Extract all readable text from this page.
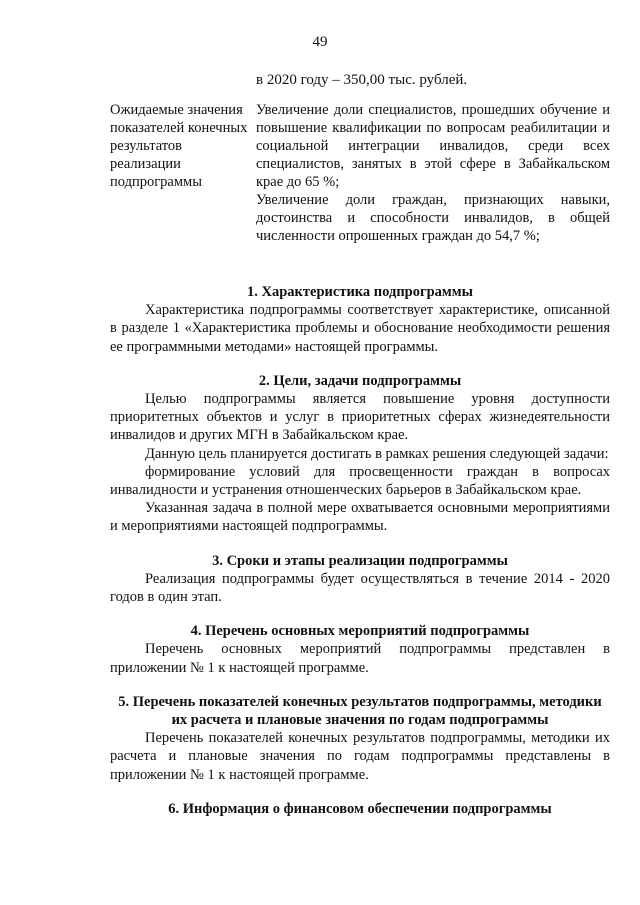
49
в 2020 году – 350,00 тыс. рублей.
Ожидаемые значения показателей конечных результатов реализации подпрограммы

Увеличение доли специалистов, прошедших обучение и повышение квалификации по вопросам реабилитации и социальной интеграции инвалидов, среди всех специалистов, занятых в этой сфере в Забайкальском крае до 65 %;

Увеличение доли граждан, признающих навыки, достоинства и способности инвалидов, в общей численности опрошенных граждан до 54,7 %;

1. Характеристика подпрограммы

Характеристика подпрограммы соответствует характеристике, описанной в разделе 1 «Характеристика проблемы и обоснование необходимости решения ее программными методами» настоящей программы.

2. Цели, задачи подпрограммы

Целью подпрограммы является повышение уровня доступности приоритетных объектов и услуг в приоритетных сферах жизнедеятельности инвалидов и других МГН в Забайкальском крае.

Данную цель планируется достигать в рамках решения следующей задачи:

формирование условий для просвещенности граждан в вопросах инвалидности и устранения отношенческих барьеров в Забайкальском крае.

Указанная задача в полной мере охватывается основными мероприятиями и мероприятиями настоящей подпрограммы.

3. Сроки и этапы реализации подпрограммы

Реализация подпрограммы будет осуществляться в течение 2014 - 2020 годов в один этап.

4. Перечень основных мероприятий подпрограммы

Перечень основных мероприятий подпрограммы представлен в приложении № 1 к настоящей программе.

5. Перечень показателей конечных результатов подпрограммы, методики их расчета и плановые значения по годам подпрограммы

Перечень показателей конечных результатов подпрограммы, методики их расчета и плановые значения по годам подпрограммы представлены в приложении № 1 к настоящей программе.

6. Информация о финансовом обеспечении подпрограммы
